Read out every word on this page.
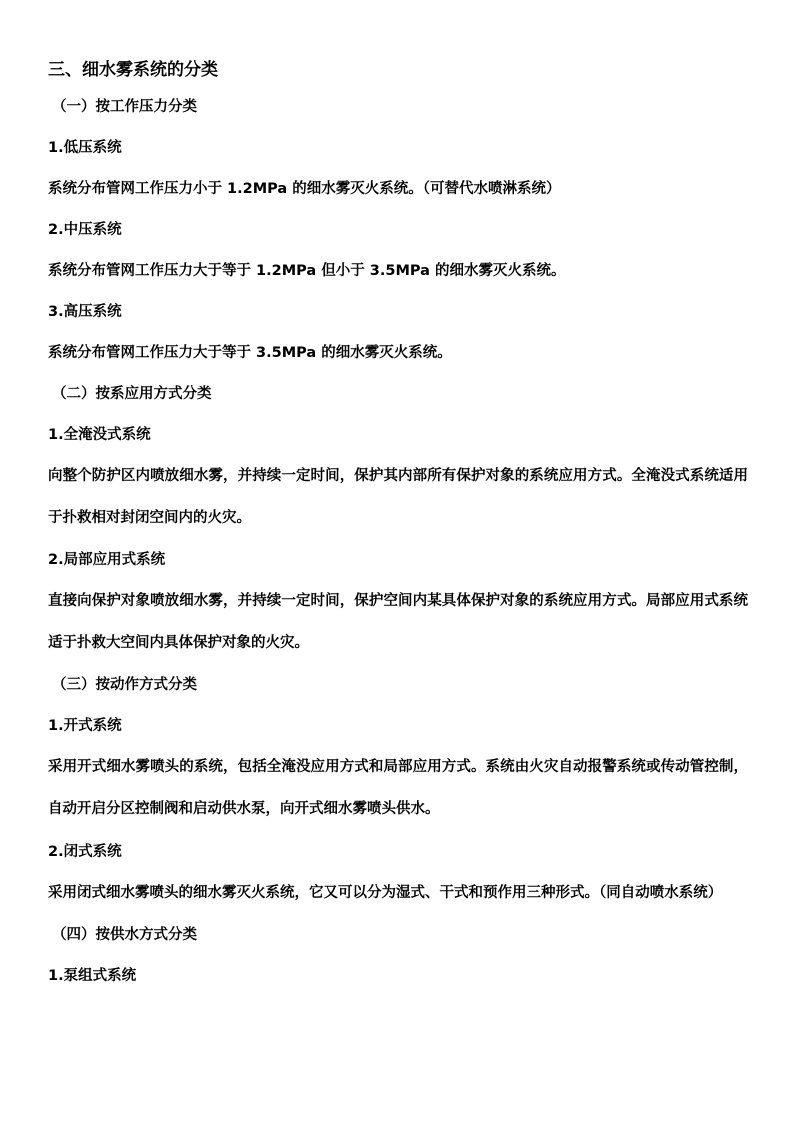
三、细水雾系统的分类
（一）按工作压力分类
1.低压系统
系统分布管网工作压力小于 1.2MPa 的细水雾灭火系统。（可替代水喷淋系统）
2.中压系统
系统分布管网工作压力大于等于 1.2MPa 但小于 3.5MPa 的细水雾灭火系统。
3.高压系统
系统分布管网工作压力大于等于 3.5MPa 的细水雾灭火系统。
（二）按系应用方式分类
1.全淹没式系统
向整个防护区内喷放细水雾，并持续一定时间，保护其内部所有保护对象的系统应用方式。全淹没式系统适用于扑救相对封闭空间内的火灾。
2.局部应用式系统
直接向保护对象喷放细水雾，并持续一定时间，保护空间内某具体保护对象的系统应用方式。局部应用式系统适于扑救大空间内具体保护对象的火灾。
（三）按动作方式分类
1.开式系统
采用开式细水雾喷头的系统，包括全淹没应用方式和局部应用方式。系统由火灾自动报警系统或传动管控制，自动开启分区控制阀和启动供水泵，向开式细水雾喷头供水。
2.闭式系统
采用闭式细水雾喷头的细水雾灭火系统，它又可以分为湿式、干式和预作用三种形式。（同自动喷水系统）
（四）按供水方式分类
1.泵组式系统
